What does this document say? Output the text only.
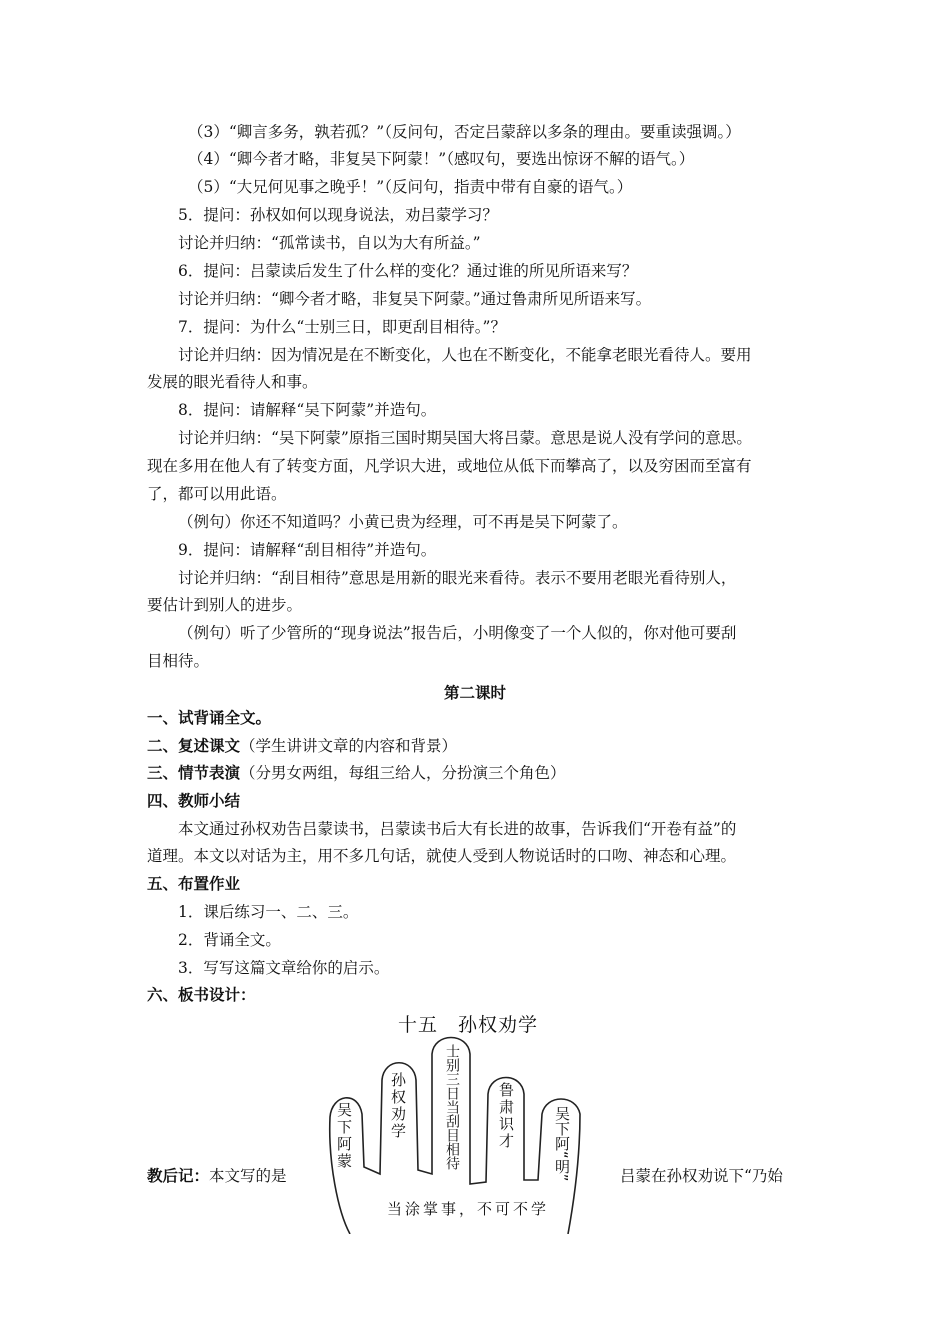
（3）“卿言多务，孰若孤？”（反问句，否定吕蒙辞以多条的理由。要重读强调。）
（4）“卿今者才略，非复吴下阿蒙！”（感叹句，要选出惊讶不解的语气。）
（5）“大兄何见事之晚乎！”（反问句，指责中带有自豪的语气。）
5．提问：孙权如何以现身说法，劝吕蒙学习？
讨论并归纳：“孤常读书，自以为大有所益。”
6．提问：吕蒙读后发生了什么样的变化？通过谁的所见所语来写？
讨论并归纳：“卿今者才略，非复吴下阿蒙。”通过鲁肃所见所语来写。
7．提问：为什么“士别三日，即更刮目相待。”？
讨论并归纳：因为情况是在不断变化，人也在不断变化，不能拿老眼光看待人。要用
发展的眼光看待人和事。
8．提问：请解释“吴下阿蒙”并造句。
讨论并归纳：“吴下阿蒙”原指三国时期吴国大将吕蒙。意思是说人没有学问的意思。
现在多用在他人有了转变方面，凡学识大进，或地位从低下而攀高了，以及穷困而至富有
了，都可以用此语。
（例句）你还不知道吗？小黄已贵为经理，可不再是吴下阿蒙了。
9．提问：请解释“刮目相待”并造句。
讨论并归纳：“刮目相待”意思是用新的眼光来看待。表示不要用老眼光看待别人，
要估计到别人的进步。
（例句）听了少管所的“现身说法”报告后，小明像变了一个人似的，你对他可要刮
目相待。
第二课时
一、试背诵全文。
二、复述课文（学生讲讲文章的内容和背景）
三、情节表演（分男女两组，每组三给人，分扮演三个角色）
四、教师小结
本文通过孙权劝告吕蒙读书，吕蒙读书后大有长进的故事，告诉我们“开卷有益”的
道理。本文以对话为主，用不多几句话，就使人受到人物说话时的口吻、神态和心理。
五、布置作业
1．课后练习一、二、三。
2．背诵全文。
3．写写这篇文章给你的启示。
六、板书设计：
十五　孙权劝学
吴下阿蒙 孙权劝学	士别三日当刮目相待 鲁肃识才	吴下阿“明”
当涂掌事，不可不学
教后记：本文写的是	吕蒙在孙权劝说下“乃始
